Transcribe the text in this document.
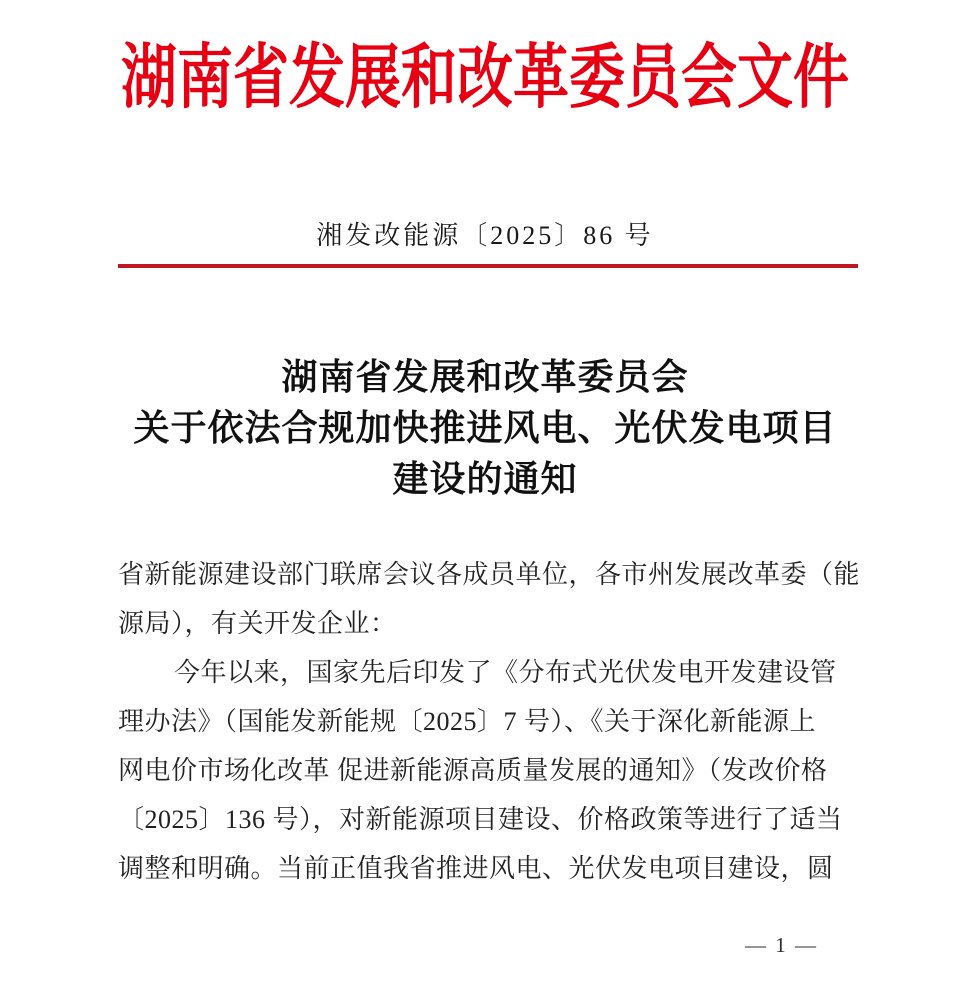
湖南省发展和改革委员会文件
湘发改能源〔2025〕86 号
湖南省发展和改革委员会
关于依法合规加快推进风电、光伏发电项目
建设的通知
省新能源建设部门联席会议各成员单位，各市州发展改革委（能
源局），有关开发企业：
今年以来，国家先后印发了《分布式光伏发电开发建设管
理办法》（国能发新能规〔2025〕7 号）、《关于深化新能源上
网电价市场化改革 促进新能源高质量发展的通知》（发改价格
〔2025〕136 号），对新能源项目建设、价格政策等进行了适当
调整和明确。当前正值我省推进风电、光伏发电项目建设，圆
— 1 —
